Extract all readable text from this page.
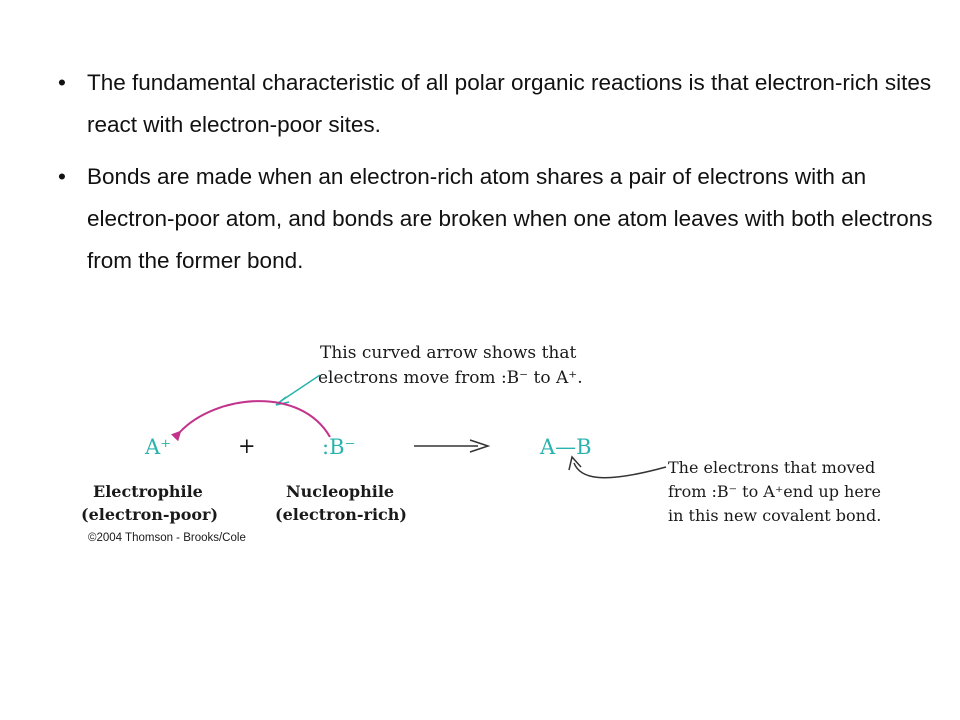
• The fundamental characteristic of all polar organic reactions is that electron-rich sites react with electron-poor sites.
• Bonds are made when an electron-rich atom shares a pair of electrons with an electron-poor atom, and bonds are broken when one atom leaves with both electrons from the former bond.
This curved arrow shows that
electrons move from :B⁻ to A⁺.
A⁺	+	:B⁻	A—B
The electrons that moved
from :B⁻ to A⁺end up here
in this new covalent bond.
Electrophile
(electron-poor)
Nucleophile
(electron-rich)
©2004 Thomson - Brooks/Cole
